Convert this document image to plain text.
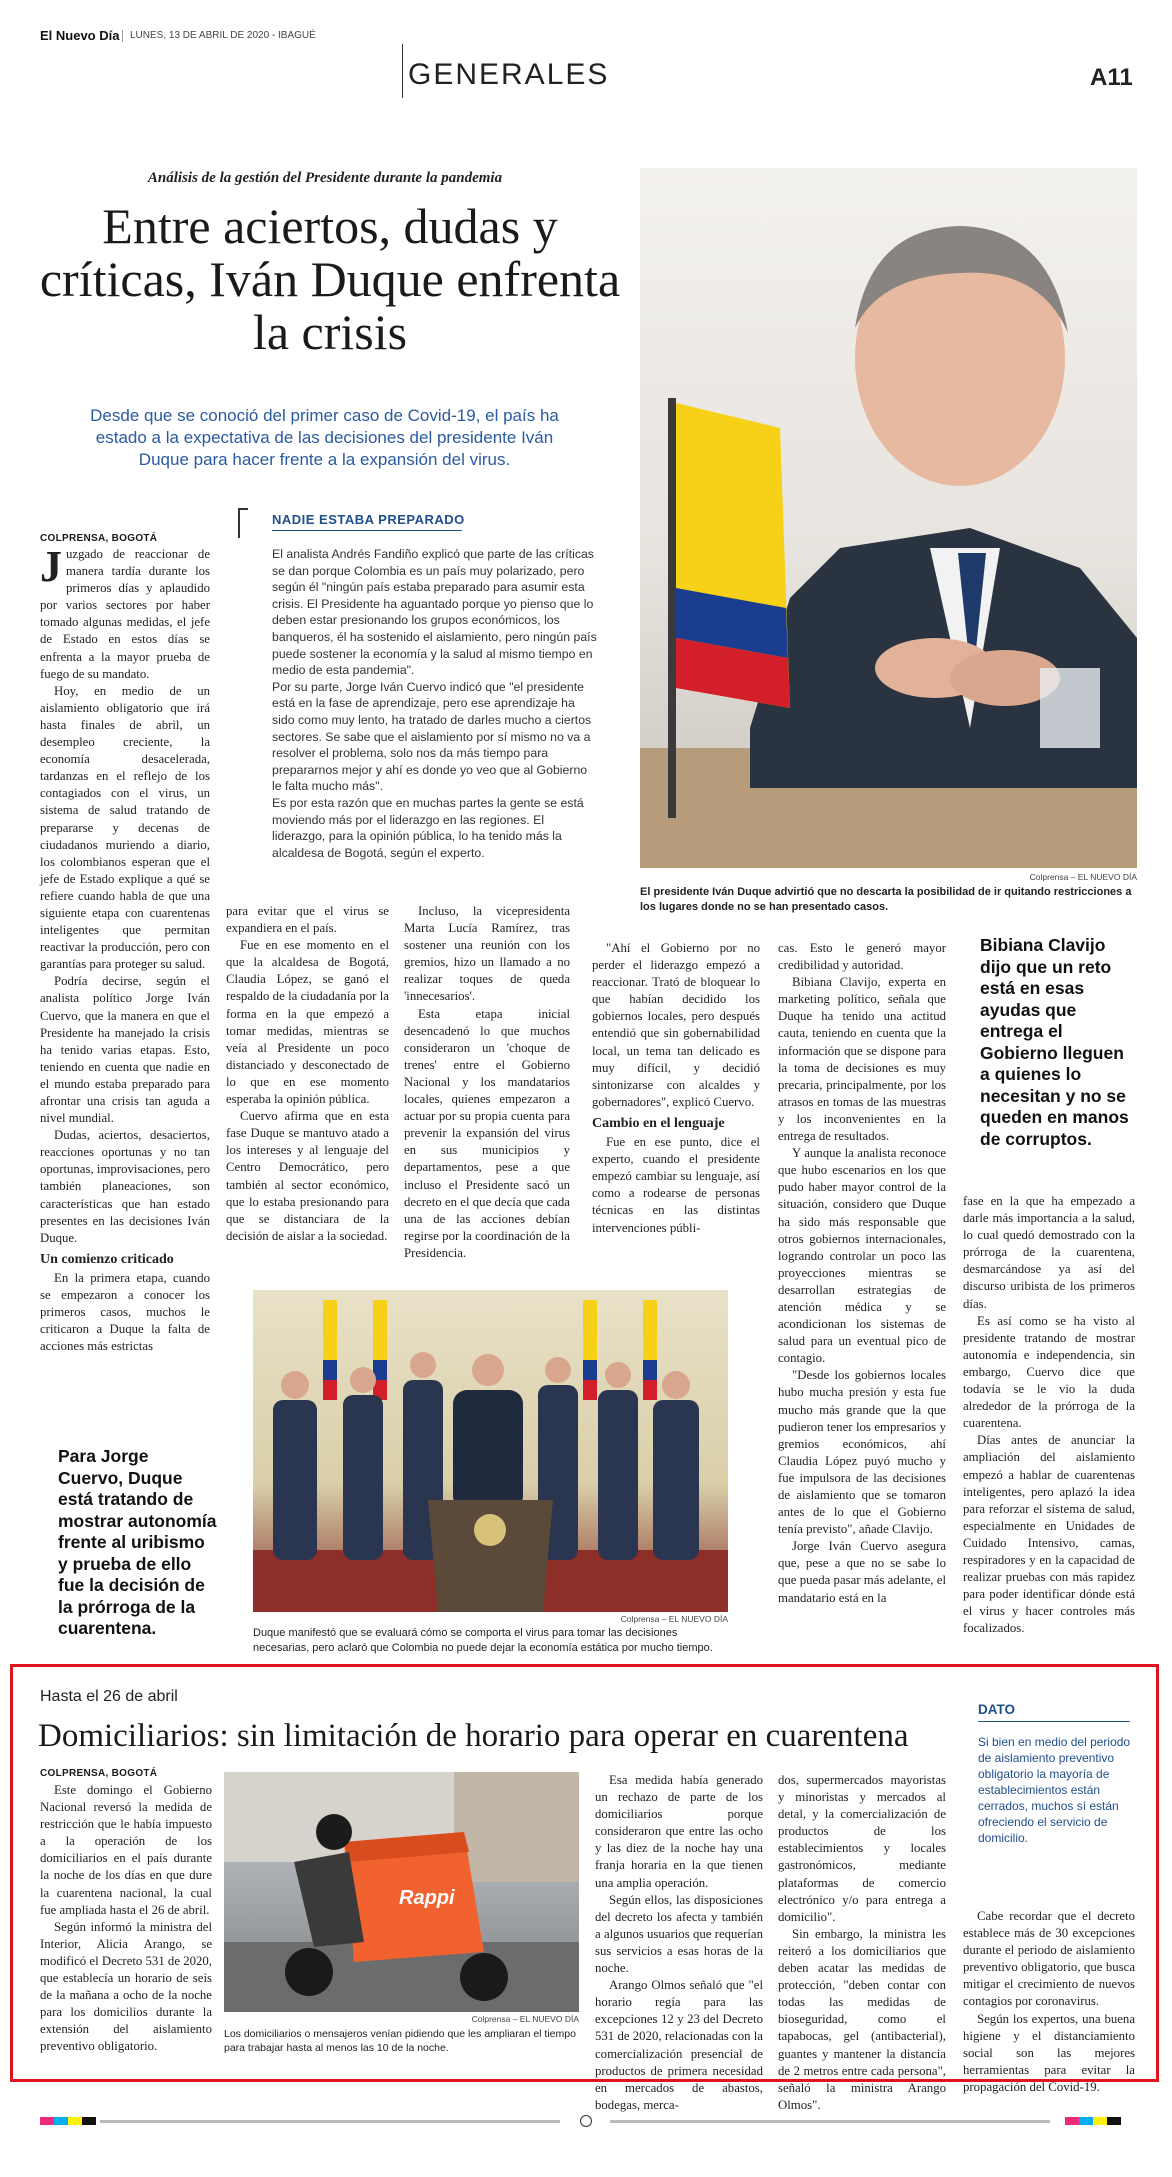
El Nuevo Día LUNES, 13 DE ABRIL DE 2020 - IBAGUÉ
GENERALES	A11
Análisis de la gestión del Presidente durante la pandemia
Entre aciertos, dudas y críticas, Iván Duque enfrenta la crisis
Desde que se conoció del primer caso de Covid-19, el país ha estado a la expectativa de las decisiones del presidente Iván Duque para hacer frente a la expansión del virus.
Colprensa – EL NUEVO DÍA
El presidente Iván Duque advirtió que no descarta la posibilidad de ir quitando restricciones a los lugares donde no se han presentado casos.
COLPRENSA, BOGOTÁ

Juzgado de reaccionar de manera tardía durante los primeros días y aplaudido por varios sectores por haber tomado algunas medidas, el jefe de Estado en estos días se enfrenta a la mayor prueba de fuego de su mandato.

Hoy, en medio de un aislamiento obligatorio que irá hasta finales de abril, un desempleo creciente, la economía desacelerada, tardanzas en el reflejo de los contagiados con el virus, un sistema de salud tratando de prepararse y decenas de ciudadanos muriendo a diario, los colombianos esperan que el jefe de Estado explique a qué se refiere cuando habla de que una siguiente etapa con cuarentenas inteligentes que permitan reactivar la producción, pero con garantías para proteger su salud.

Podría decirse, según el analista político Jorge Iván Cuervo, que la manera en que el Presidente ha manejado la crisis ha tenido varias etapas. Esto, teniendo en cuenta que nadie en el mundo estaba preparado para afrontar una crisis tan aguda a nivel mundial.

Dudas, aciertos, desaciertos, reacciones oportunas y no tan oportunas, improvisaciones, pero también planeaciones, son características que han estado presentes en las decisiones Iván Duque.

Un comienzo criticado

En la primera etapa, cuando se empezaron a conocer los primeros casos, muchos le criticaron a Duque la falta de acciones más estrictas

NADIE ESTABA PREPARADO

El analista Andrés Fandiño explicó que parte de las críticas se dan porque Colombia es un país muy polarizado, pero según él "ningún país estaba preparado para asumir esta crisis. El Presidente ha aguantado porque yo pienso que lo deben estar presionando los grupos económicos, los banqueros, él ha sostenido el aislamiento, pero ningún país puede sostener la economía y la salud al mismo tiempo en medio de esta pandemia".

Por su parte, Jorge Iván Cuervo indicó que "el presidente está en la fase de aprendizaje, pero ese aprendizaje ha sido como muy lento, ha tratado de darles mucho a ciertos sectores. Se sabe que el aislamiento por sí mismo no va a resolver el problema, solo nos da más tiempo para prepararnos mejor y ahí es donde yo veo que al Gobierno le falta mucho más".

Es por esta razón que en muchas partes la gente se está moviendo más por el liderazgo en las regiones. El liderazgo, para la opinión pública, lo ha tenido más la alcaldesa de Bogotá, según el experto.

para evitar que el virus se expandiera en el país.

Fue en ese momento en el que la alcaldesa de Bogotá, Claudia López, se ganó el respaldo de la ciudadanía por la forma en la que empezó a tomar medidas, mientras se veía al Presidente un poco distanciado y desconectado de lo que en ese momento esperaba la opinión pública.

Cuervo afirma que en esta fase Duque se mantuvo atado a los intereses y al lenguaje del Centro Democrático, pero también al sector económico, que lo estaba presionando para que se distanciara de la decisión de aislar a la sociedad.

Incluso, la vicepresidenta Marta Lucía Ramírez, tras sostener una reunión con los gremios, hizo un llamado a no realizar toques de queda 'innecesarios'.

Esta etapa inicial desencadenó lo que muchos consideraron un 'choque de trenes' entre el Gobierno Nacional y los mandatarios locales, quienes empezaron a actuar por su propia cuenta para prevenir la expansión del virus en sus municipios y departamentos, pese a que incluso el Presidente sacó un decreto en el que decía que cada una de las acciones debían regirse por la coordinación de la Presidencia.

"Ahí el Gobierno por no perder el liderazgo empezó a reaccionar. Trató de bloquear lo que habían decidido los gobiernos locales, pero después entendió que sin gobernabilidad local, un tema tan delicado es muy difícil, y decidió sintonizarse con alcaldes y gobernadores", explicó Cuervo.

Cambio en el lenguaje

Fue en ese punto, dice el experto, cuando el presidente empezó cambiar su lenguaje, así como a rodearse de personas técnicas en las distintas intervenciones públi-

cas. Esto le generó mayor credibilidad y autoridad.

Bibiana Clavijo, experta en marketing político, señala que Duque ha tenido una actitud cauta, teniendo en cuenta que la información que se dispone para la toma de decisiones es muy precaria, principalmente, por los atrasos en tomas de las muestras y los inconvenientes en la entrega de resultados.

Y aunque la analista reconoce que hubo escenarios en los que pudo haber mayor control de la situación, considero que Duque ha sido más responsable que otros gobiernos internacionales, logrando controlar un poco las proyecciones mientras se desarrollan estrategias de atención médica y se acondicionan los sistemas de salud para un eventual pico de contagio.

"Desde los gobiernos locales hubo mucha presión y esta fue mucho más grande que la que pudieron tener los empresarios y gremios económicos, ahí Claudia López puyó mucho y fue impulsora de las decisiones de aislamiento que se tomaron antes de lo que el Gobierno tenía previsto", añade Clavijo.

Jorge Iván Cuervo asegura que, pese a que no se sabe lo que pueda pasar más adelante, el mandatario está en la

Bibiana Clavijo dijo que un reto está en esas ayudas que entrega el Gobierno lleguen a quienes lo necesitan y no se queden en manos de corruptos.

fase en la que ha empezado a darle más importancia a la salud, lo cual quedó demostrado con la prórroga de la cuarentena, desmarcándose ya así del discurso uribista de los primeros días.

Es así como se ha visto al presidente tratando de mostrar autonomía e independencia, sin embargo, Cuervo dice que todavía se le vio la duda alrededor de la prórroga de la cuarentena.

Días antes de anunciar la ampliación del aislamiento empezó a hablar de cuarentenas inteligentes, pero aplazó la idea para reforzar el sistema de salud, especialmente en Unidades de Cuidado Intensivo, camas, respiradores y en la capacidad de realizar pruebas con más rapidez para poder identificar dónde está el virus y hacer controles más focalizados.

Para Jorge Cuervo, Duque está tratando de mostrar autonomía frente al uribismo y prueba de ello fue la decisión de la prórroga de la cuarentena.	Colprensa – EL NUEVO DÍA
Duque manifestó que se evaluará cómo se comporta el virus para tomar las decisiones necesarias, pero aclaró que Colombia no puede dejar la economía estática por mucho tiempo.
Hasta el 26 de abril
Domiciliarios: sin limitación de horario para operar en cuarentena
COLPRENSA, BOGOTÁ

Este domingo el Gobierno Nacional reversó la medida de restricción que le había impuesto a la operación de los domiciliarios en el país durante la noche de los días en que dure la cuarentena nacional, la cual fue ampliada hasta el 26 de abril.

Según informó la ministra del Interior, Alicia Arango, se modificó el Decreto 531 de 2020, que establecía un horario de seis de la mañana a ocho de la noche para los domicilios durante la extensión del aislamiento preventivo obligatorio.

Rappi
Colprensa – EL NUEVO DÍA
Los domiciliarios o mensajeros venían pidiendo que les ampliaran el tiempo para trabajar hasta al menos las 10 de la noche.

Esa medida había generado un rechazo de parte de los domiciliarios porque consideraron que entre las ocho y las diez de la noche hay una franja horaria en la que tienen una amplia operación.

Según ellos, las disposiciones del decreto los afecta y también a algunos usuarios que requerían sus servicios a esas horas de la noche.

Arango Olmos señaló que "el horario regía para las excepciones 12 y 23 del Decreto 531 de 2020, relacionadas con la comercialización presencial de productos de primera necesidad en mercados de abastos, bodegas, merca-

dos, supermercados mayoristas y minoristas y mercados al detal, y la comercialización de productos de los establecimientos y locales gastronómicos, mediante plataformas de comercio electrónico y/o para entrega a domicilio".

Sin embargo, la ministra les reiteró a los domiciliarios que deben acatar las medidas de protección, "deben contar con todas las medidas de bioseguridad, como el tapabocas, gel (antibacterial), guantes y mantener la distancia de 2 metros entre cada persona", señaló la ministra Arango Olmos".

DATO
Si bien en medio del periodo de aislamiento preventivo obligatorio la mayoría de establecimientos están cerrados, muchos sí están ofreciendo el servicio de domicilio.

Cabe recordar que el decreto establece más de 30 excepciones durante el periodo de aislamiento preventivo obligatorio, que busca mitigar el crecimiento de nuevos contagios por coronavirus.

Según los expertos, una buena higiene y el distanciamiento social son las mejores herramientas para evitar la propagación del Covid-19.
